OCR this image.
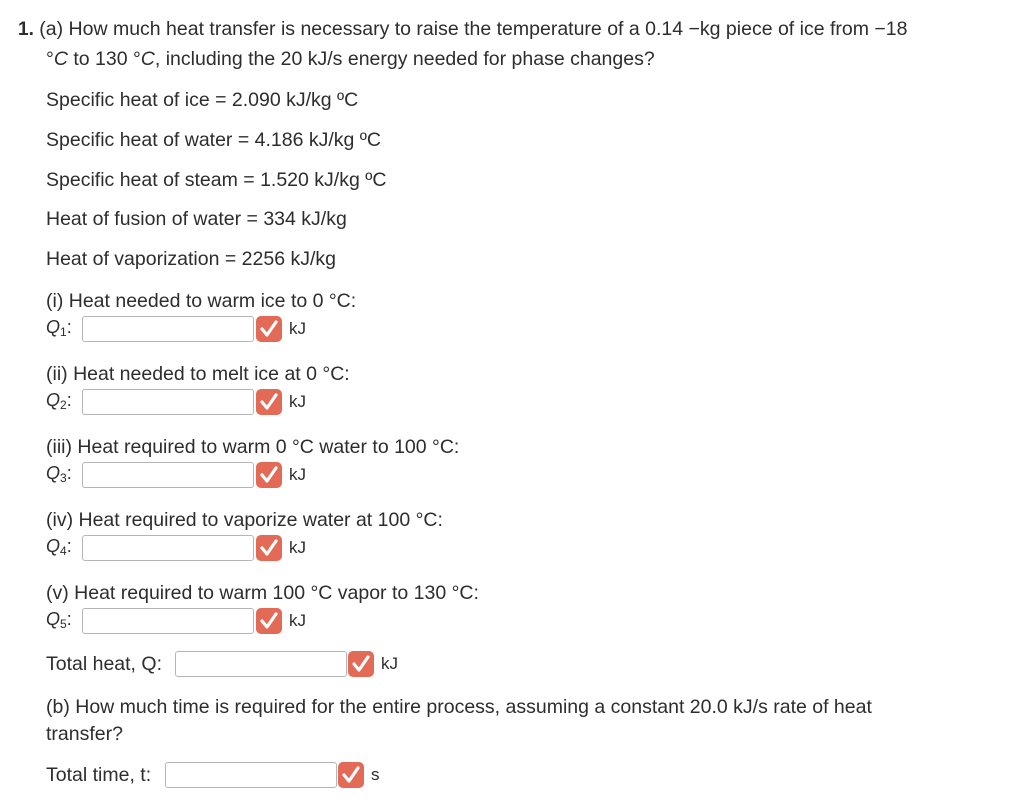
1. (a) How much heat transfer is necessary to raise the temperature of a 0.14 −kg piece of ice from −18
°C to 130 °C, including the 20 kJ/s energy needed for phase changes?
Specific heat of ice = 2.090 kJ/kg ºC
Specific heat of water = 4.186 kJ/kg ºC
Specific heat of steam = 1.520 kJ/kg ºC
Heat of fusion of water = 334 kJ/kg
Heat of vaporization = 2256 kJ/kg
(i) Heat needed to warm ice to 0 °C:
$Q_1$:	kJ
(ii) Heat needed to melt ice at 0 °C:
$Q_2$:	kJ
(iii) Heat required to warm 0 °C water to 100 °C:
$Q_3$:	kJ
(iv) Heat required to vaporize water at 100 °C:
$Q_4$:	kJ
(v) Heat required to warm 100 °C vapor to 130 °C:
$Q_5$:	kJ
Total heat, Q:	kJ
(b) How much time is required for the entire process, assuming a constant 20.0 kJ/s rate of heat
transfer?
Total time, t:	s
